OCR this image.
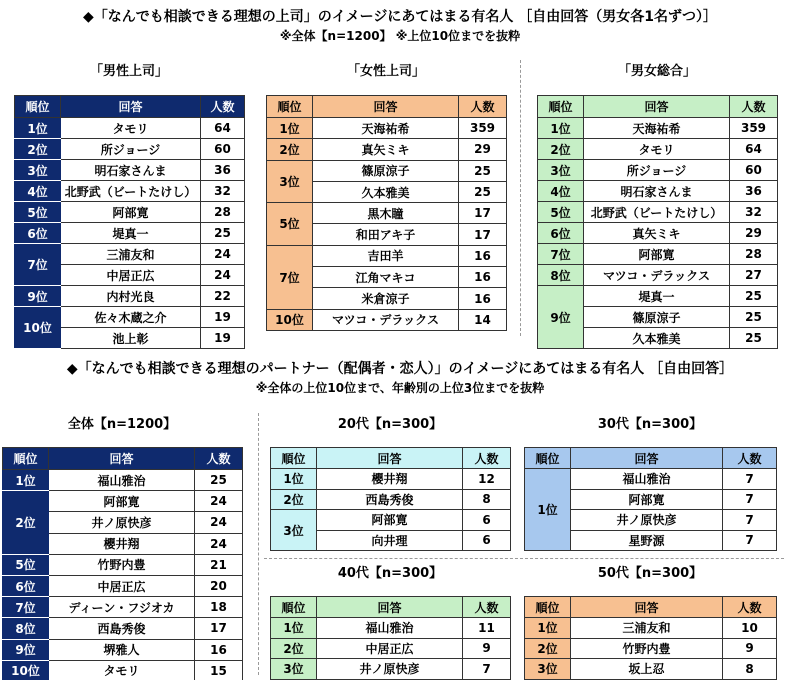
◆「なんでも相談できる理想の上司」のイメージにあてはまる有名人 ［自由回答（男女各1名ずつ）］
※全体【n=1200】 ※上位10位までを抜粋
「男性上司」	「女性上司」	「男女総合」
順位	回答	人数
1位	タモリ	64
2位	所ジョージ	60
3位	明石家さんま	36
4位	北野武（ビートたけし）	32
5位	阿部寛	28
6位	堤真一	25
7位	三浦友和	24
	中居正広	24
9位	内村光良	22
10位	佐々木蔵之介	19
	池上彰	19
順位	回答	人数
1位	天海祐希	359
2位	真矢ミキ	29
3位	篠原涼子	25
	久本雅美	25
5位	黒木瞳	17
	和田アキ子	17
7位	吉田羊	16
	江角マキコ	16
	米倉涼子	16
10位	マツコ・デラックス	14
順位	回答	人数
1位	天海祐希	359
2位	タモリ	64
3位	所ジョージ	60
4位	明石家さんま	36
5位	北野武（ビートたけし）	32
6位	真矢ミキ	29
7位	阿部寛	28
8位	マツコ・デラックス	27
9位	堤真一	25
	篠原涼子	25
	久本雅美	25
◆「なんでも相談できる理想のパートナー（配偶者・恋人）」のイメージにあてはまる有名人 ［自由回答］
※全体の上位10位まで、年齢別の上位3位までを抜粋
全体【n=1200】	20代【n=300】	30代【n=300】
40代【n=300】	50代【n=300】
順位	回答	人数
1位	福山雅治	25
2位	阿部寛	24
	井ノ原快彦	24
	櫻井翔	24
5位	竹野内豊	21
6位	中居正広	20
7位	ディーン・フジオカ	18
8位	西島秀俊	17
9位	堺雅人	16
10位	タモリ	15
順位	回答	人数
1位	櫻井翔	12
2位	西島秀俊	8
3位	阿部寛	6
	向井理	6
順位	回答	人数
1位	福山雅治	7
	阿部寛	7
	井ノ原快彦	7
	星野源	7
順位	回答	人数
1位	福山雅治	11
2位	中居正広	9
3位	井ノ原快彦	7
順位	回答	人数
1位	三浦友和	10
2位	竹野内豊	9
3位	坂上忍	8
